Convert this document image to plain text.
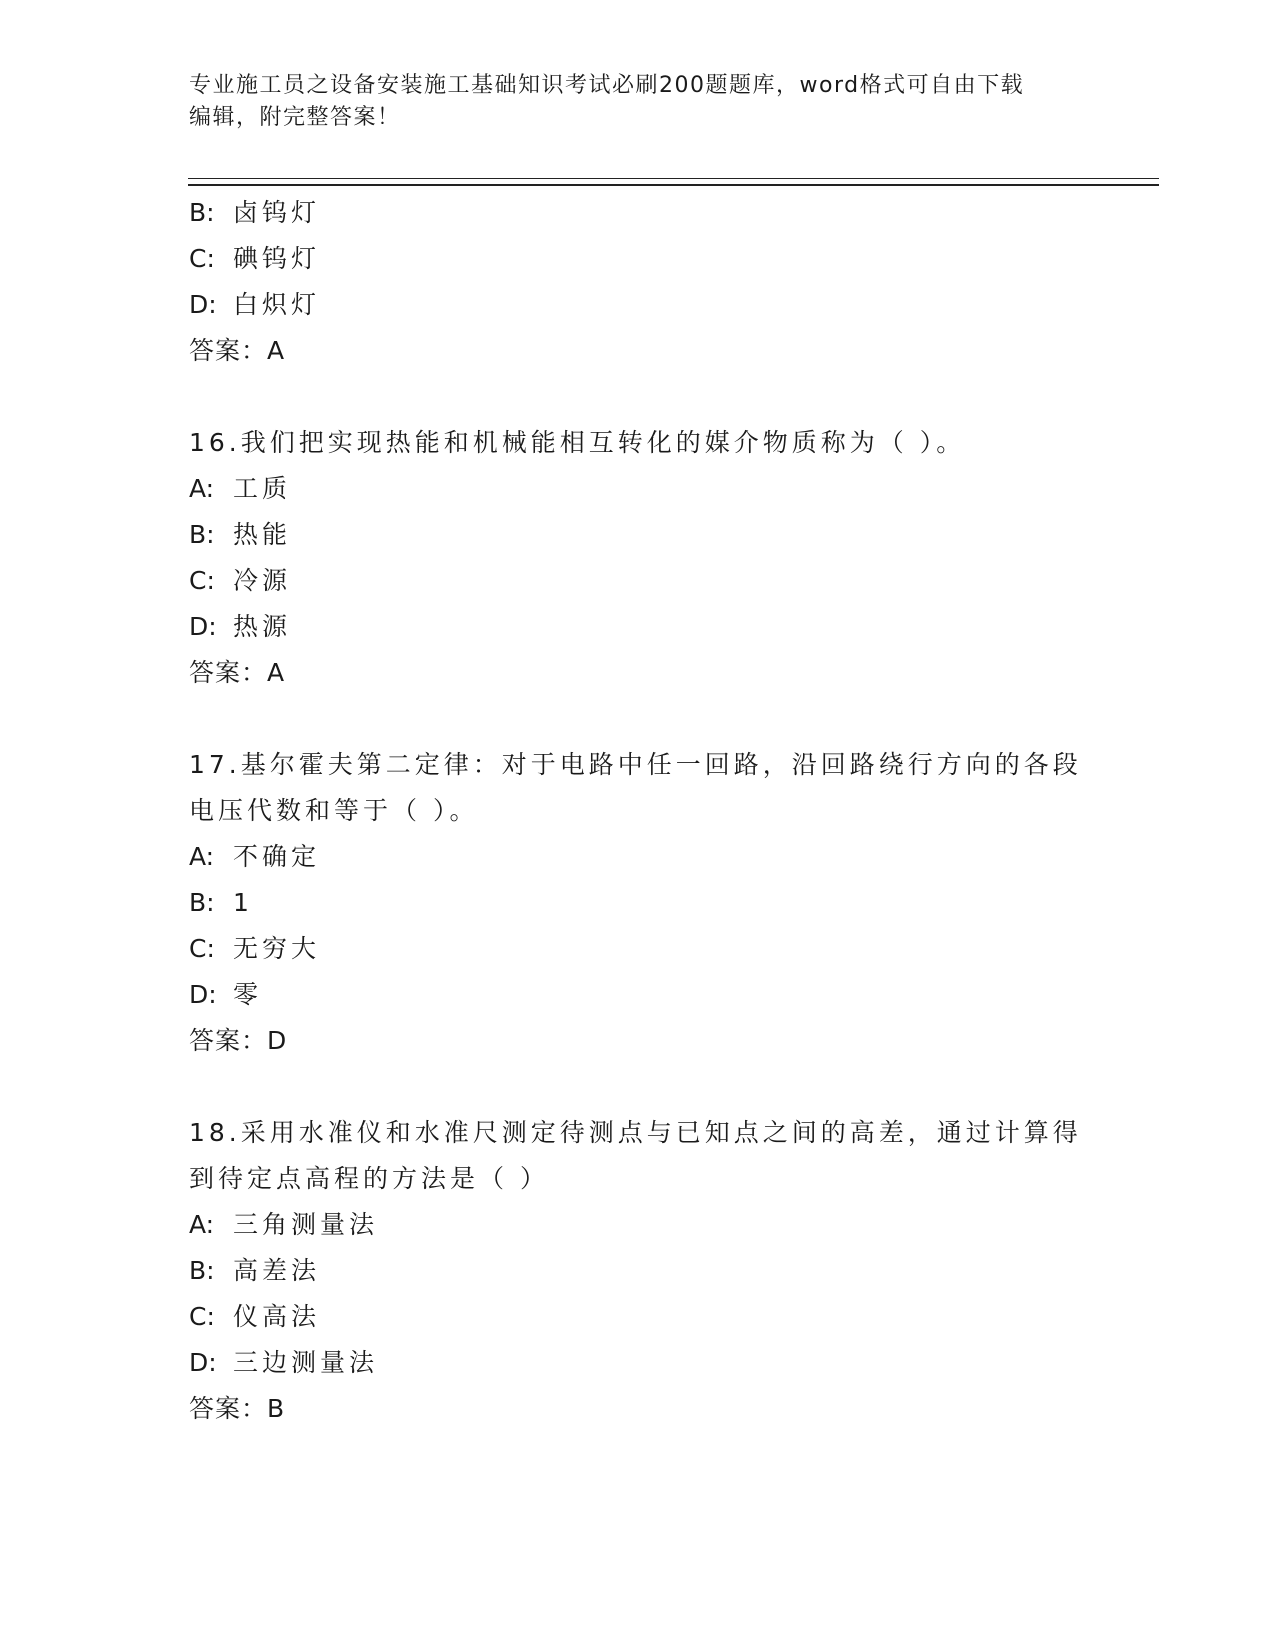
专业施工员之设备安装施工基础知识考试必刷200题题库，word格式可自由下载
编辑，附完整答案！
B: 卤钨灯
C: 碘钨灯
D: 白炽灯
答案：A
16.我们把实现热能和机械能相互转化的媒介物质称为（ ）。
A: 工质
B: 热能
C: 冷源
D: 热源
答案：A
17.基尔霍夫第二定律：对于电路中任一回路，沿回路绕行方向的各段
电压代数和等于（ ）。
A: 不确定
B: 1
C: 无穷大
D: 零
答案：D
18.采用水准仪和水准尺测定待测点与已知点之间的高差，通过计算得
到待定点高程的方法是（ ）
A: 三角测量法
B: 高差法
C: 仪高法
D: 三边测量法
答案：B
